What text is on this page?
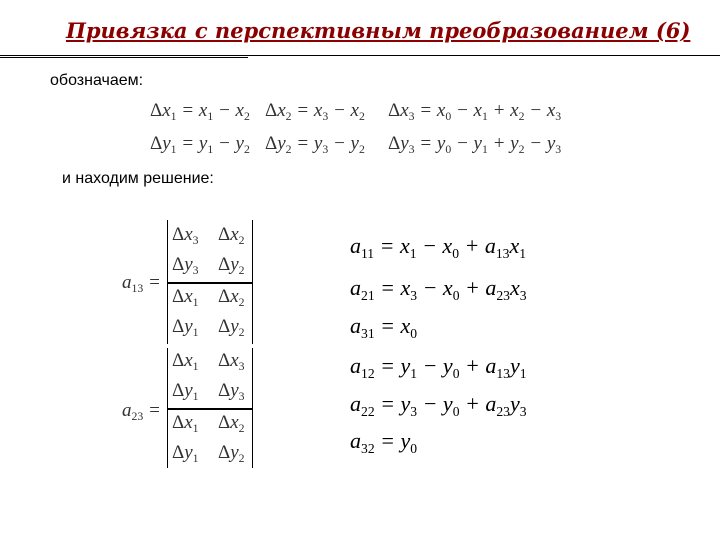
Привязка с перспективным преобразованием (6)
обозначаем:
$\Delta x_1 = x_1 - x_2$ $\Delta x_2 = x_3 - x_2$ $\Delta x_3 = x_0 - x_1 + x_2 - x_3$
$\Delta y_1 = y_1 - y_2$ $\Delta y_2 = y_3 - y_2$ $\Delta y_3 = y_0 - y_1 + y_2 - y_3$
и находим решение:
$a_{13}$ =
$\Delta x_3$ $\Delta x_2$
$\Delta y_3$ $\Delta y_2$
$\Delta x_1$ $\Delta x_2$
$\Delta y_1$ $\Delta y_2$
$a_{23}$ =
$\Delta x_1$ $\Delta x_3$
$\Delta y_1$ $\Delta y_3$
$\Delta x_1$ $\Delta x_2$
$\Delta y_1$ $\Delta y_2$
$a_{11} = x_1 - x_0 + a_{13}x_1$
$a_{21} = x_3 - x_0 + a_{23}x_3$
$a_{31} = x_0$
$a_{12} = y_1 - y_0 + a_{13}y_1$
$a_{22} = y_3 - y_0 + a_{23}y_3$
$a_{32} = y_0$
